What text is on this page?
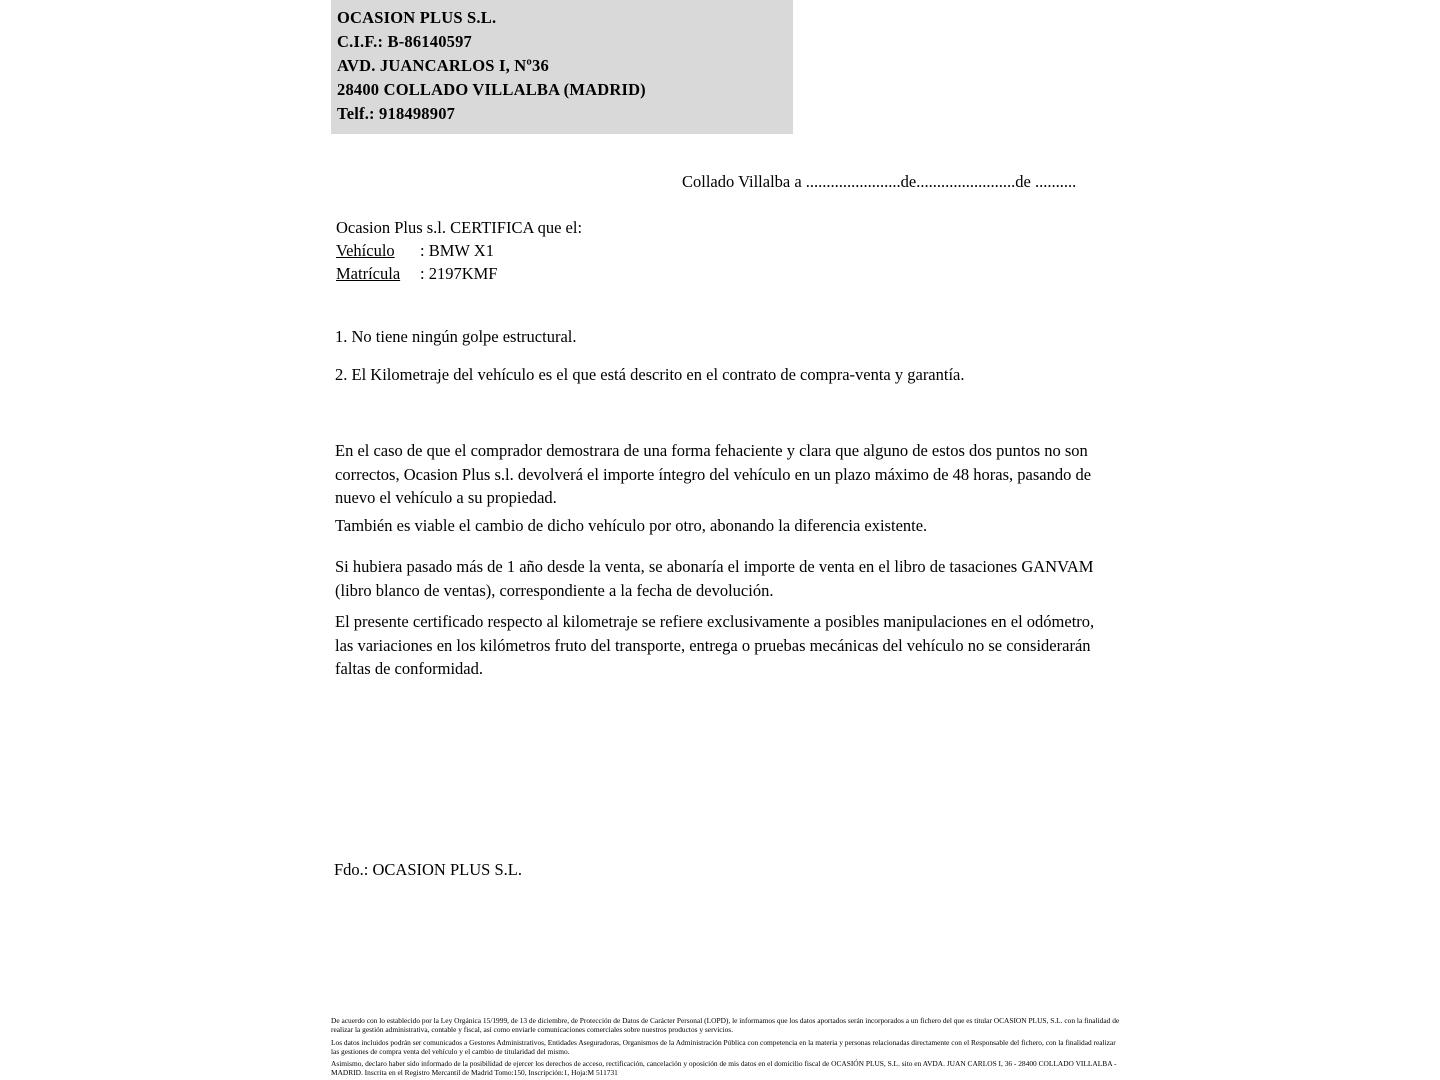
OCASION PLUS S.L.
C.I.F.: B-86140597
AVD. JUANCARLOS I, Nº36
28400 COLLADO VILLALBA (MADRID)
Telf.: 918498907
Collado Villalba a .......................de........................de ..........
Ocasion Plus s.l. CERTIFICA que el:
Vehículo : BMW X1
Matrícula : 2197KMF
1. No tiene ningún golpe estructural.
2. El Kilometraje del vehículo es el que está descrito en el contrato de compra-venta y garantía.
En el caso de que el comprador demostrara de una forma fehaciente y clara que alguno de estos dos puntos no son correctos, Ocasion Plus s.l. devolverá el importe íntegro del vehículo en un plazo máximo de 48 horas, pasando de nuevo el vehículo a su propiedad.
También es viable el cambio de dicho vehículo por otro, abonando la diferencia existente.
Si hubiera pasado más de 1 año desde la venta, se abonaría el importe de venta en el libro de tasaciones GANVAM (libro blanco de ventas), correspondiente a la fecha de devolución.
El presente certificado respecto al kilometraje se refiere exclusivamente a posibles manipulaciones en el odómetro, las variaciones en los kilómetros fruto del transporte, entrega o pruebas mecánicas del vehículo no se considerarán faltas de conformidad.
Fdo.: OCASION PLUS S.L.

De acuerdo con lo establecido por la Ley Orgánica 15/1999, de 13 de diciembre, de Protección de Datos de Carácter Personal (LOPD), le informamos que los datos aportados serán incorporados a un fichero del que es titular OCASION PLUS, S.L. con la finalidad de realizar la gestión administrativa, contable y fiscal, así como enviarle comunicaciones comerciales sobre nuestros productos y servicios.

Los datos incluidos podrán ser comunicados a Gestores Administrativos, Entidades Aseguradoras, Organismos de la Administración Pública con competencia en la materia y personas relacionadas directamente con el Responsable del fichero, con la finalidad realizar las gestiones de compra venta del vehículo y el cambio de titularidad del mismo.

Asimismo, declaro haber sido informado de la posibilidad de ejercer los derechos de acceso, rectificación, cancelación y oposición de mis datos en el domicilio fiscal de OCASIÓN PLUS, S.L. sito en AVDA. JUAN CARLOS I, 36 - 28400 COLLADO VILLALBA - MADRID. Inscrita en el Registro Mercantil de Madrid Tomo:150, Inscripción:1, Hoja:M 511731
